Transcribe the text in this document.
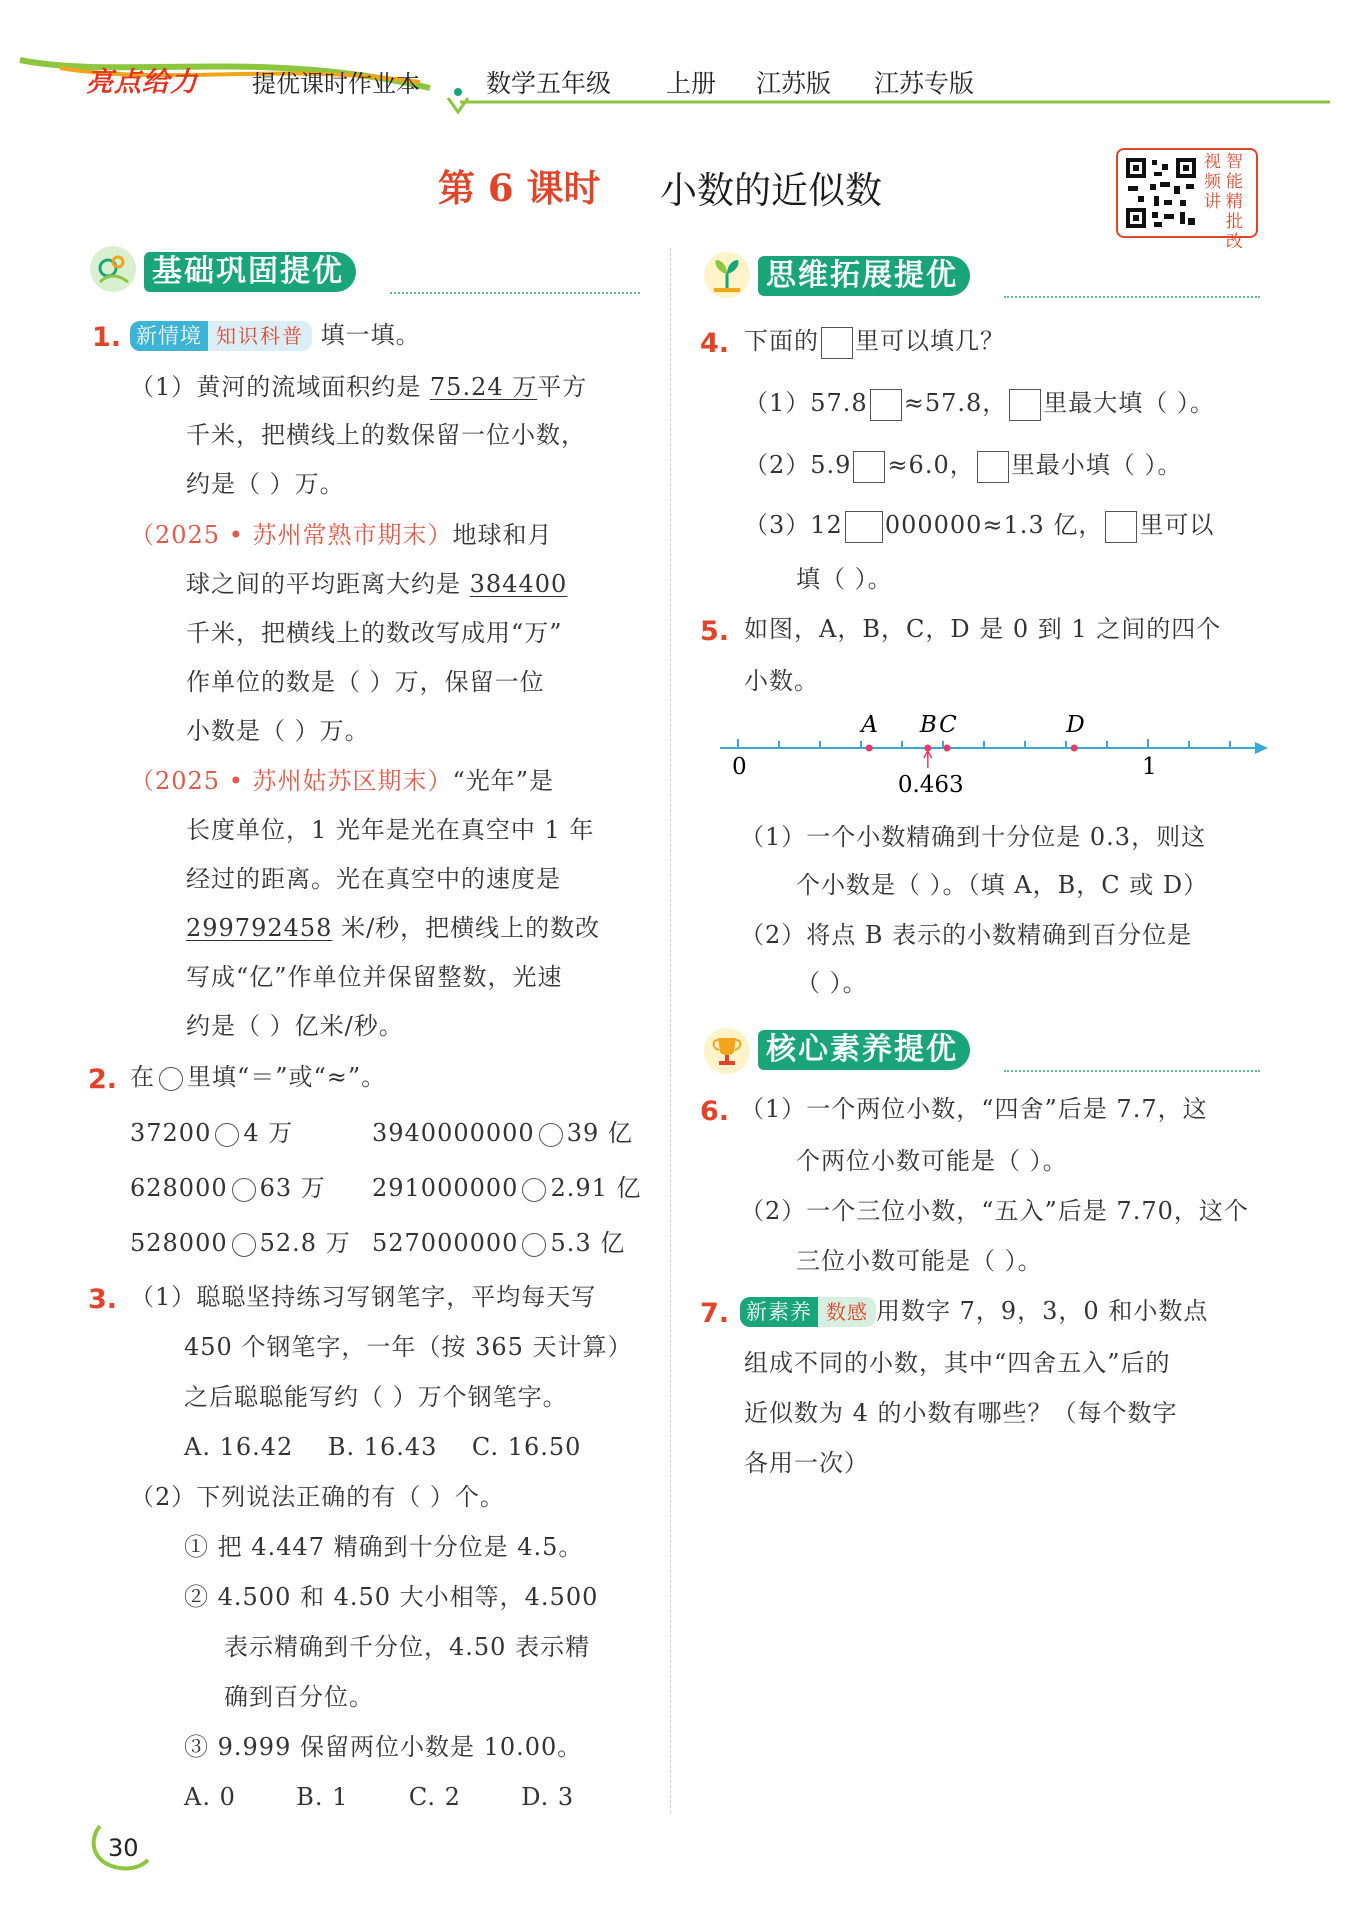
亮点给力 提优课时作业本	数学五年级 上册 江苏版 江苏专版
第 6 课时 小数的近似数
视频讲
智能精批改
基础巩固提优	思维拓展提优
核心素养提优
1. 新情境 知识科普 填一填。
（1）黄河的流域面积约是 75.24 万平方
千米，把横线上的数保留一位小数，
约是（ ）万。
（2025 • 苏州常熟市期末）地球和月
球之间的平均距离大约是 384400
千米，把横线上的数改写成用“万”
作单位的数是（ ）万，保留一位
小数是（ ）万。
（2025 • 苏州姑苏区期末）“光年”是
长度单位，1 光年是光在真空中 1 年
经过的距离。光在真空中的速度是
299792458 米/秒，把横线上的数改
写成“亿”作单位并保留整数，光速
约是（ ）亿米/秒。
2. 在 里填“＝”或“≈”。
37200 4 万	3940000000 39 亿
628000 63 万 291000000 2.91 亿
528000 52.8 万 527000000 5.3 亿
3. （1）聪聪坚持练习写钢笔字，平均每天写
450 个钢笔字，一年（按 365 天计算）
之后聪聪能写约（ ）万个钢笔字。
A. 16.42    B. 16.43    C. 16.50
（2）下列说法正确的有（ ）个。
① 把 4.447 精确到十分位是 4.5。
② 4.500 和 4.50 大小相等，4.500
表示精确到千分位，4.50 表示精
确到百分位。
③ 9.999 保留两位小数是 10.00。
A. 0       B. 1       C. 2       D. 3
4. 下面的 里可以填几？
（1）57.8 ≈57.8， 里最大填（ ）。
（2）5.9 ≈6.0， 里最小填（ ）。
（3）12 000000≈1.3 亿， 里可以
填（ ）。
5. 如图，A，B，C，D 是 0 到 1 之间的四个
小数。
0	1
A B C	D
0.463
（1）一个小数精确到十分位是 0.3，则这
个小数是（ ）。（填 A，B，C 或 D）
（2）将点 B 表示的小数精确到百分位是
（ ）。
6. （1）一个两位小数，“四舍”后是 7.7，这
个两位小数可能是（ ）。
（2）一个三位小数，“五入”后是 7.70，这个
三位小数可能是（ ）。
7. 新素养 数感 用数字 7，9，3，0 和小数点
组成不同的小数，其中“四舍五入”后的
近似数为 4 的小数有哪些？（每个数字
各用一次）
30
